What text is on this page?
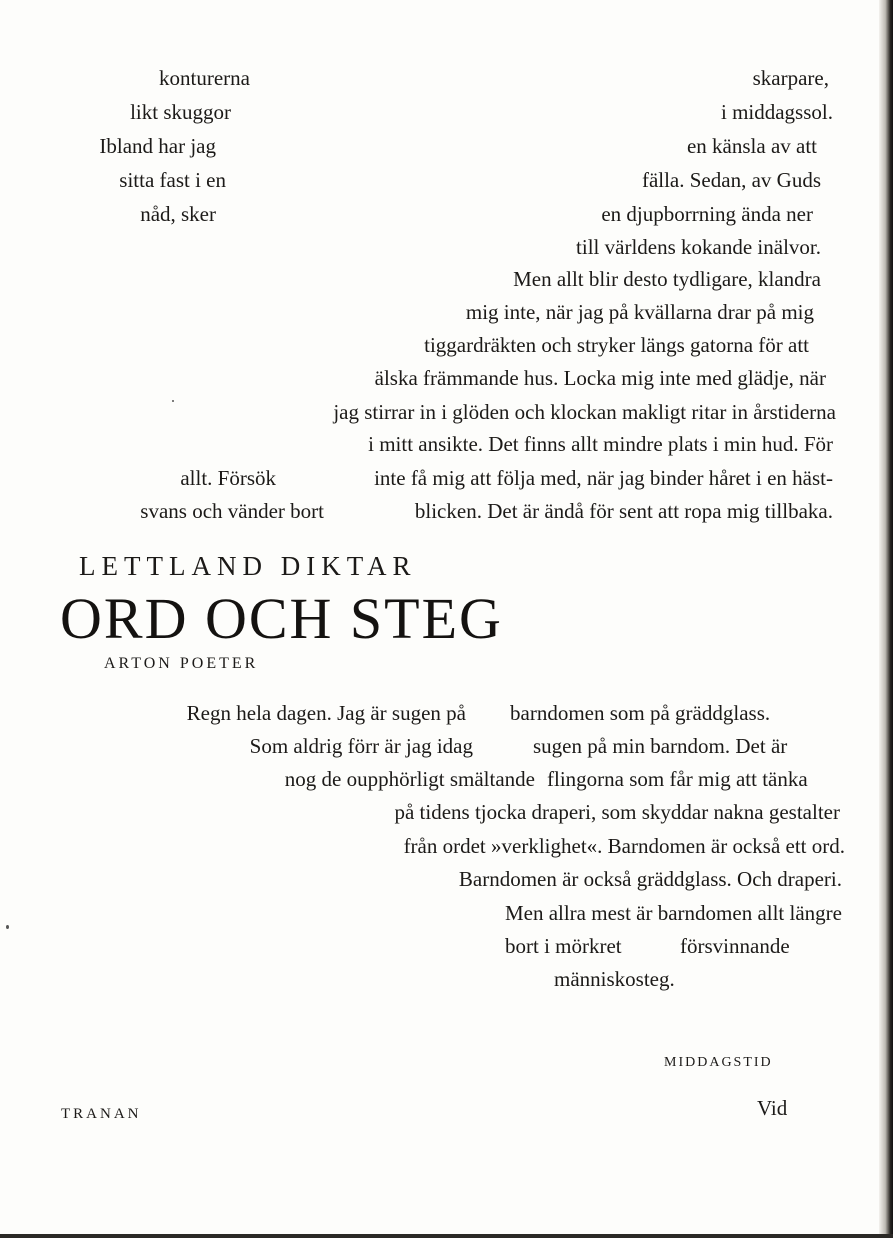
konturerna
likt skuggor
Ibland har jag
sitta fast i en
nåd, sker
skarpare,
i middagssol.
en känsla av att
fälla. Sedan, av Guds
en djupborrning ända ner
till världens kokande inälvor.
Men allt blir desto tydligare, klandra
mig inte, när jag på kvällarna drar på mig
tiggardräkten och stryker längs gatorna för att
älska främmande hus. Locka mig inte med glädje, när
jag stirrar in i glöden och klockan makligt ritar in årstiderna
i mitt ansikte. Det finns allt mindre plats i min hud. För
inte få mig att följa med, när jag binder håret i en häst-
blicken. Det är ändå för sent att ropa mig tillbaka.
allt. Försök
svans och vänder bort
LETTLAND DIKTAR
ORD OCH STEG
ARTON POETER
Regn hela dagen. Jag är sugen på
Som aldrig förr är jag idag
nog de oupphörligt smältande
barndomen som på gräddglass.
sugen på min barndom. Det är
flingorna som får mig att tänka
på tidens tjocka draperi, som skyddar nakna gestalter
från ordet »verklighet«. Barndomen är också ett ord.
Barndomen är också gräddglass. Och draperi.
Men allra mest är barndomen allt längre
bort i mörkret	försvinnande
människosteg.
MIDDAGSTID
Vid
TRANAN
